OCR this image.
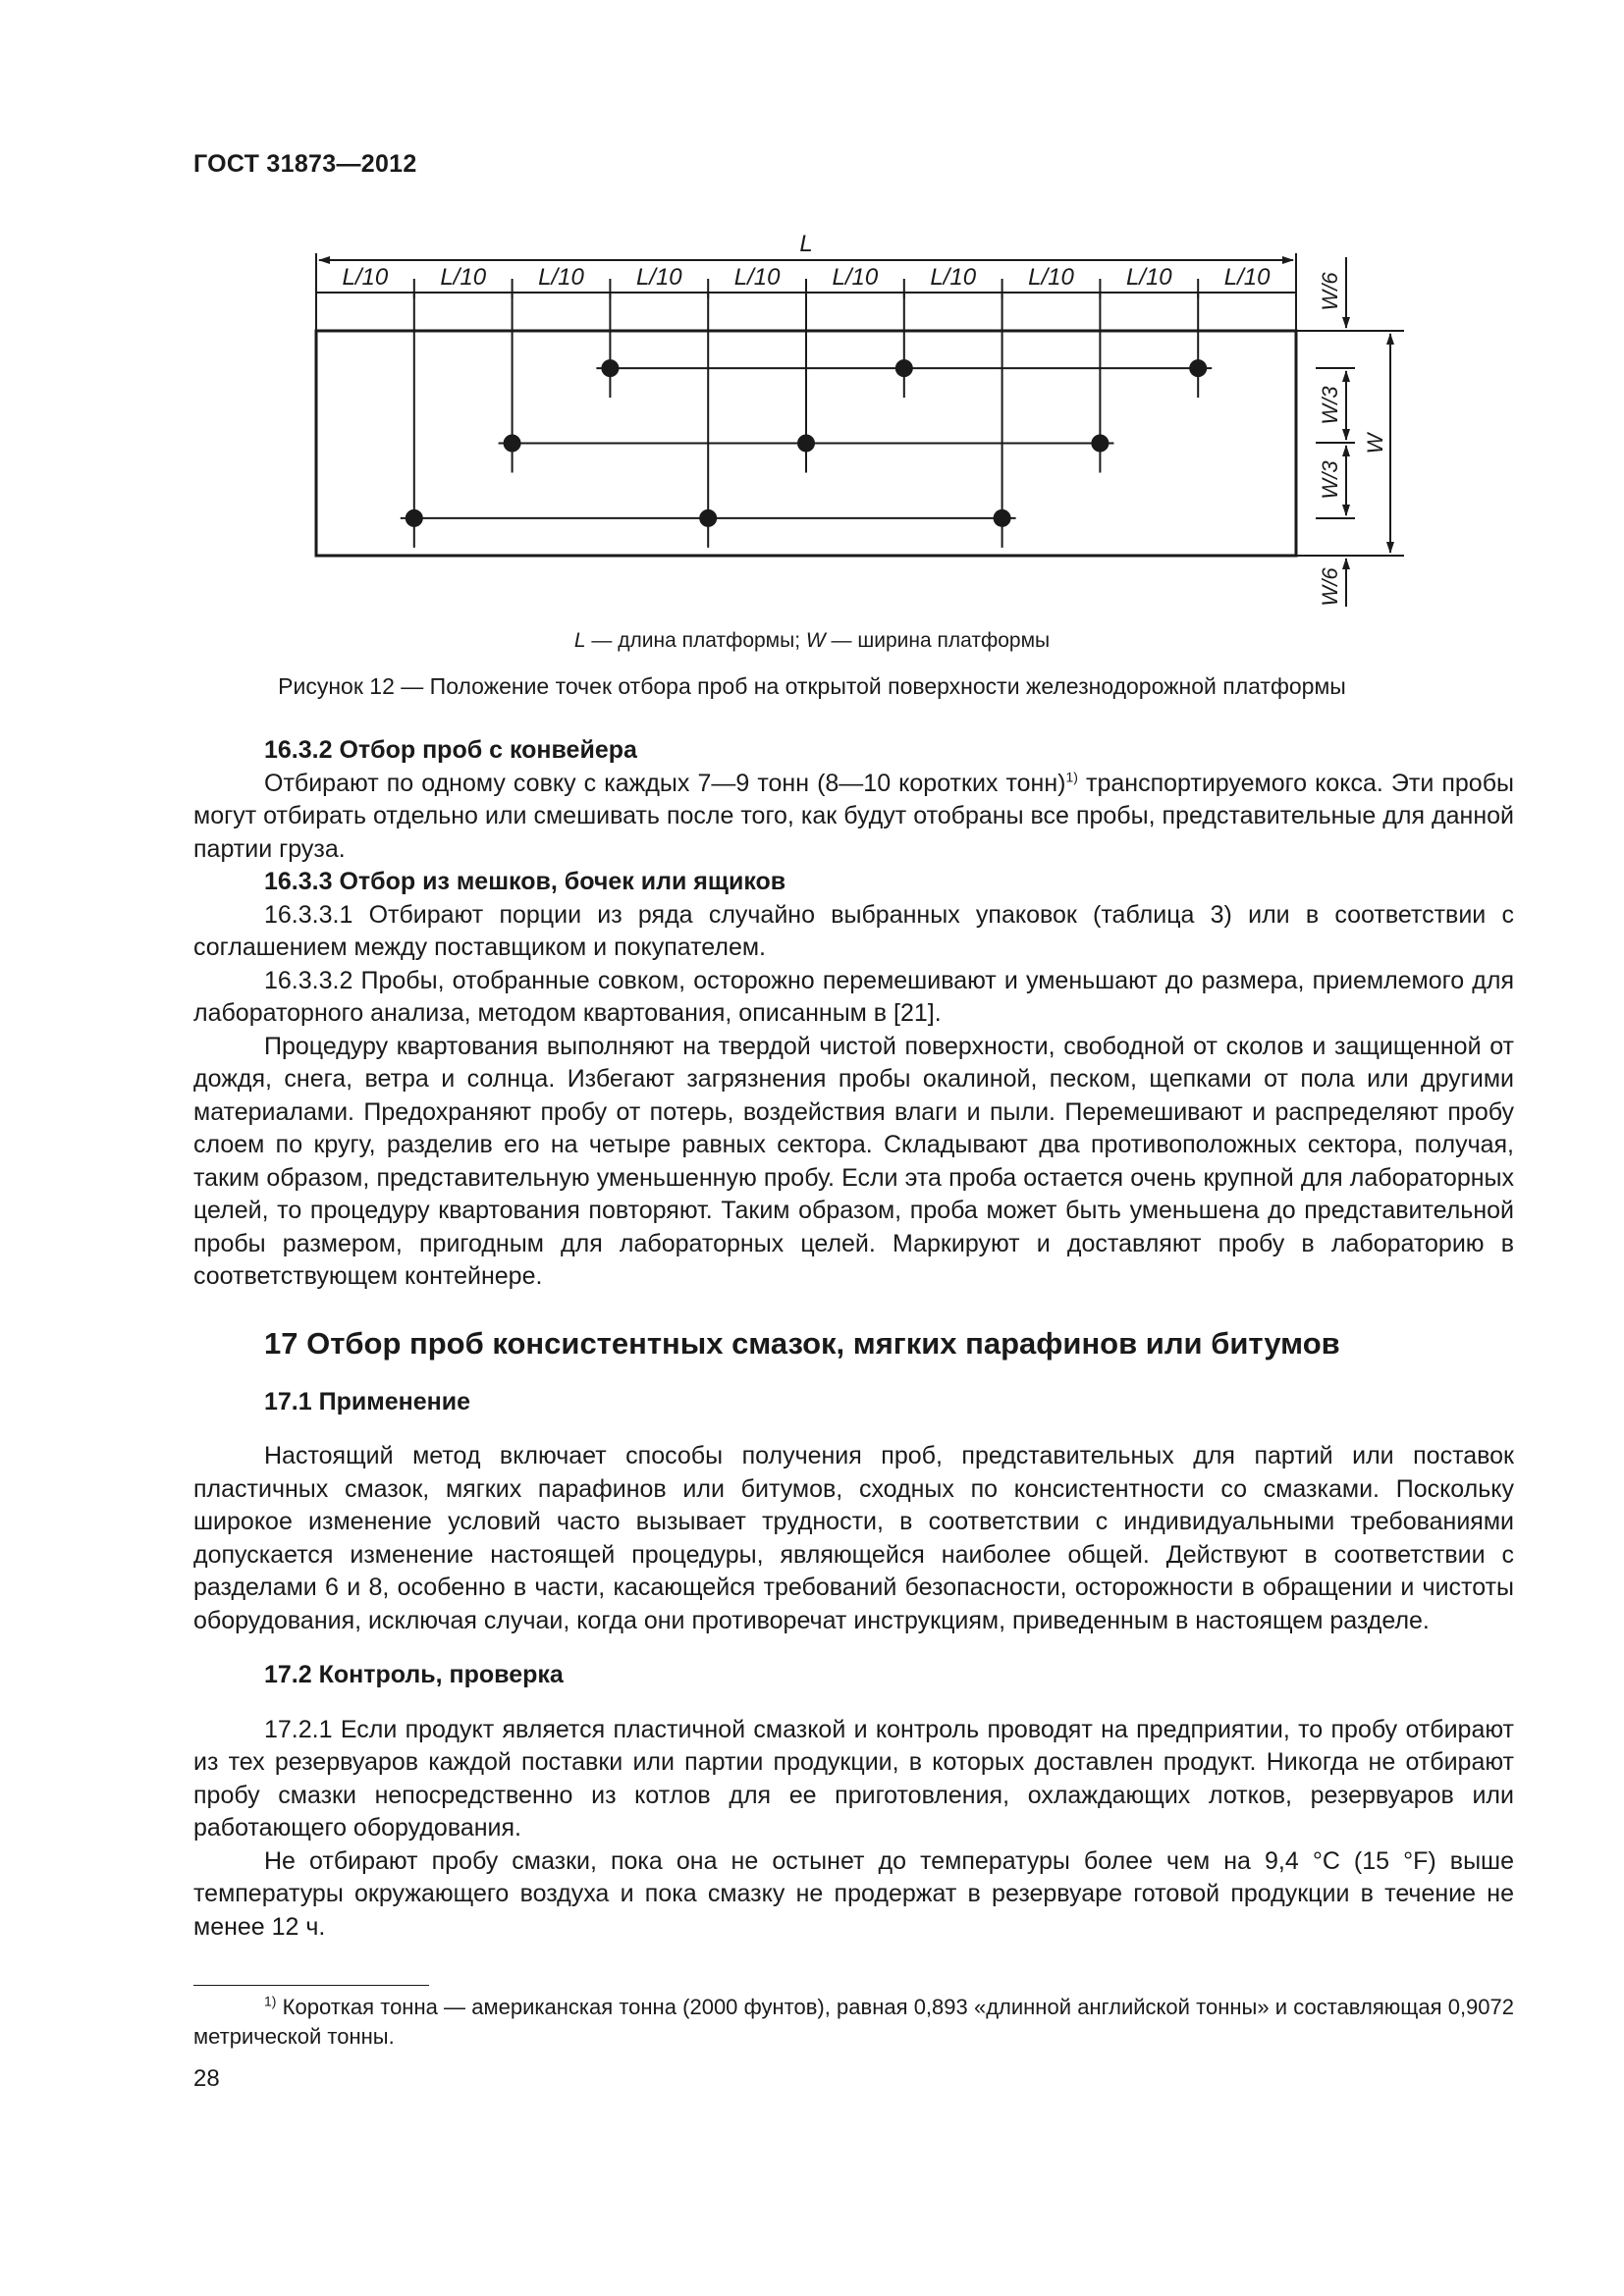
ГОСТ 31873—2012
L/10 L/10 L/10 L/10 L/10 L/10 L/10 L/10 L/10 L/10
L
W/6
W/3
W/3
W/6
W
L — длина платформы; W — ширина платформы
Рисунок 12 — Положение точек отбора проб на открытой поверхности железнодорожной платформы
16.3.2 Отбор проб с конвейера

Отбирают по одному совку с каждых 7—9 тонн (8—10 коротких тонн)$^{1)}$ транспортируемого кокса. Эти пробы могут отбирать отдельно или смешивать после того, как будут отобраны все пробы, представительные для данной партии груза.

16.3.3 Отбор из мешков, бочек или ящиков

16.3.3.1 Отбирают порции из ряда случайно выбранных упаковок (таблица 3) или в соответствии с соглашением между поставщиком и покупателем.

16.3.3.2 Пробы, отобранные совком, осторожно перемешивают и уменьшают до размера, приемлемого для лабораторного анализа, методом квартования, описанным в [21].

Процедуру квартования выполняют на твердой чистой поверхности, свободной от сколов и защищенной от дождя, снега, ветра и солнца. Избегают загрязнения пробы окалиной, песком, щепками от пола или другими материалами. Предохраняют пробу от потерь, воздействия влаги и пыли. Перемешивают и распределяют пробу слоем по кругу, разделив его на четыре равных сектора. Складывают два противоположных сектора, получая, таким образом, представительную уменьшенную пробу. Если эта проба остается очень крупной для лабораторных целей, то процедуру квартования повторяют. Таким образом, проба может быть уменьшена до представительной пробы размером, пригодным для лабораторных целей. Маркируют и доставляют пробу в лабораторию в соответствующем контейнере.

17 Отбор проб консистентных смазок, мягких парафинов или битумов
17.1 Применение

Настоящий метод включает способы получения проб, представительных для партий или поставок пластичных смазок, мягких парафинов или битумов, сходных по консистентности со смазками. Поскольку широкое изменение условий часто вызывает трудности, в соответствии с индивидуальными требованиями допускается изменение настоящей процедуры, являющейся наиболее общей. Действуют в соответствии с разделами 6 и 8, особенно в части, касающейся требований безопасности, осторожности в обращении и чистоты оборудования, исключая случаи, когда они противоречат инструкциям, приведенным в настоящем разделе.

17.2 Контроль, проверка

17.2.1 Если продукт является пластичной смазкой и контроль проводят на предприятии, то пробу отбирают из тех резервуаров каждой поставки или партии продукции, в которых доставлен продукт. Никогда не отбирают пробу смазки непосредственно из котлов для ее приготовления, охлаждающих лотков, резервуаров или работающего оборудования.

Не отбирают пробу смазки, пока она не остынет до температуры более чем на 9,4 °С (15 °F) выше температуры окружающего воздуха и пока смазку не продержат в резервуаре готовой продукции в течение не менее 12 ч.

$^{1)}$ Короткая тонна — американская тонна (2000 фунтов), равная 0,893 «длинной английской тонны» и составляющая 0,9072 метрической тонны.
28
